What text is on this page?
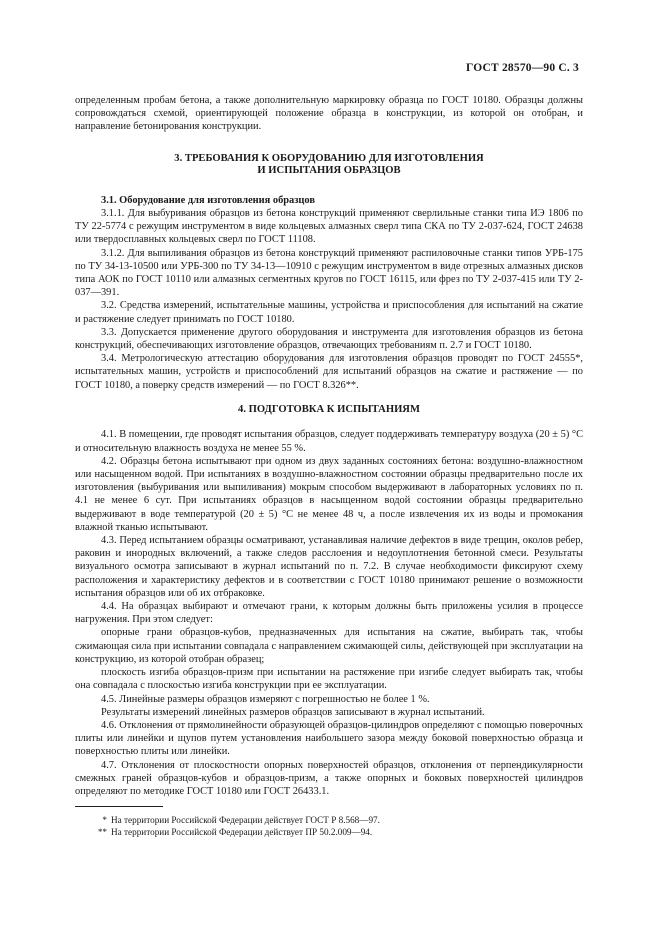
ГОСТ 28570—90 С. 3

определенным пробам бетона, а также дополнительную маркировку образца по ГОСТ 10180. Образцы должны сопровождаться схемой, ориентирующей положение образца в конструкции, из которой он отобран, и направление бетонирования конструкции.

3. ТРЕБОВАНИЯ К ОБОРУДОВАНИЮ ДЛЯ ИЗГОТОВЛЕНИЯ

И ИСПЫТАНИЯ ОБРАЗЦОВ

3.1. Оборудование для изготовления образцов

3.1.1. Для выбуривания образцов из бетона конструкций применяют сверлильные станки типа ИЭ 1806 по ТУ 22-5774 с режущим инструментом в виде кольцевых алмазных сверл типа СКА по ТУ 2-037-624, ГОСТ 24638 или твердосплавных кольцевых сверл по ГОСТ 11108.

3.1.2. Для выпиливания образцов из бетона конструкций применяют распиловочные станки типов УРБ-175 по ТУ 34-13-10500 или УРБ-300 по ТУ 34-13—10910 с режущим инструментом в виде отрезных алмазных дисков типа АОК по ГОСТ 10110 или алмазных сегментных кругов по ГОСТ 16115, или фрез по ТУ 2-037-415 или ТУ 2-037—391.

3.2. Средства измерений, испытательные машины, устройства и приспособления для испытаний на сжатие и растяжение следует принимать по ГОСТ 10180.

3.3. Допускается применение другого оборудования и инструмента для изготовления образцов из бетона конструкций, обеспечивающих изготовление образцов, отвечающих требованиям п. 2.7 и ГОСТ 10180.

3.4. Метрологическую аттестацию оборудования для изготовления образцов проводят по ГОСТ 24555*, испытательных машин, устройств и приспособлений для испытаний образцов на сжатие и растяжение — по ГОСТ 10180, а поверку средств измерений — по ГОСТ 8.326**.

4. ПОДГОТОВКА К ИСПЫТАНИЯМ

4.1. В помещении, где проводят испытания образцов, следует поддерживать температуру воздуха (20 ± 5) °С и относительную влажность воздуха не менее 55 %.

4.2. Образцы бетона испытывают при одном из двух заданных состояниях бетона: воздушно-влажностном или насыщенном водой. При испытаниях в воздушно-влажностном состоянии образцы предварительно после их изготовления (выбуривания или выпиливания) мокрым способом выдерживают в лабораторных условиях по п. 4.1 не менее 6 сут. При испытаниях образцов в насыщенном водой состоянии образцы предварительно выдерживают в воде температурой (20 ± 5) °С не менее 48 ч, а после извлечения их из воды и промокания влажной тканью испытывают.

4.3. Перед испытанием образцы осматривают, устанавливая наличие дефектов в виде трещин, околов ребер, раковин и инородных включений, а также следов расслоения и недоуплотнения бетонной смеси. Результаты визуального осмотра записывают в журнал испытаний по п. 7.2. В случае необходимости фиксируют схему расположения и характеристику дефектов и в соответствии с ГОСТ 10180 принимают решение о возможности испытания образцов или об их отбраковке.

4.4. На образцах выбирают и отмечают грани, к которым должны быть приложены усилия в процессе нагружения. При этом следует:

опорные грани образцов-кубов, предназначенных для испытания на сжатие, выбирать так, чтобы сжимающая сила при испытании совпадала с направлением сжимающей силы, действующей при эксплуатации на конструкцию, из которой отобран образец;

плоскость изгиба образцов-призм при испытании на растяжение при изгибе следует выбирать так, чтобы она совпадала с плоскостью изгиба конструкции при ее эксплуатации.

4.5. Линейные размеры образцов измеряют с погрешностью не более 1 %.

Результаты измерений линейных размеров образцов записывают в журнал испытаний.

4.6. Отклонения от прямолинейности образующей образцов-цилиндров определяют с помощью поверочных плиты или линейки и щупов путем установления наибольшего зазора между боковой поверхностью образца и поверхностью плиты или линейки.

4.7. Отклонения от плоскостности опорных поверхностей образцов, отклонения от перпендикулярности смежных граней образцов-кубов и образцов-призм, а также опорных и боковых поверхностей цилиндров определяют по методике ГОСТ 10180 или ГОСТ 26433.1.

* На территории Российской Федерации действует ГОСТ Р 8.568—97.

** На территории Российской Федерации действует ПР 50.2.009—94.
